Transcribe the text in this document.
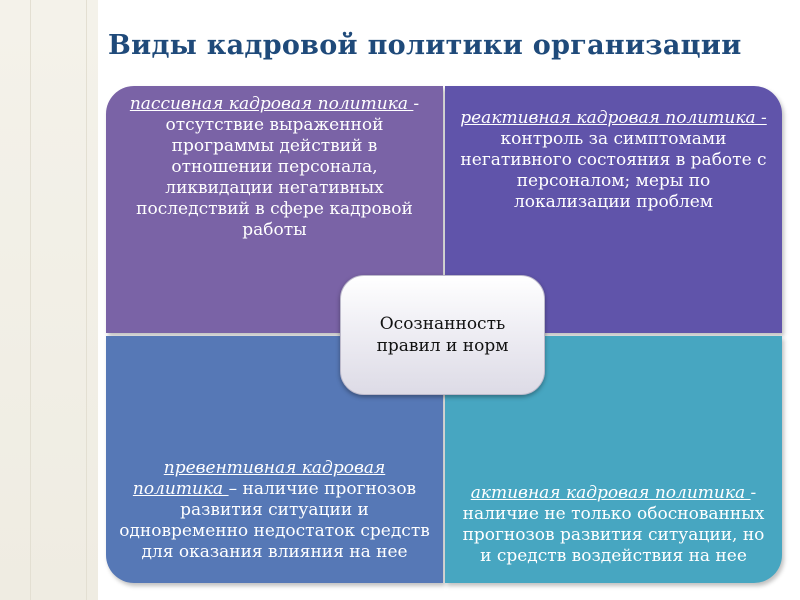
Виды кадровой политики организации
пассивная кадровая политика - отсутствие выраженной программы действий в отношении персонала, ликвидации негативных последствий в сфере кадровой работы
реактивная кадровая политика - контроль за симптомами негативного состояния в работе с персоналом; меры по локализации проблем
превентивная кадровая политика – наличие прогнозов развития ситуации и одновременно недостаток средств для оказания влияния на нее
активная кадровая политика - наличие не только обоснованных прогнозов развития ситуации, но и средств воздействия на нее
Осознанность правил и норм
